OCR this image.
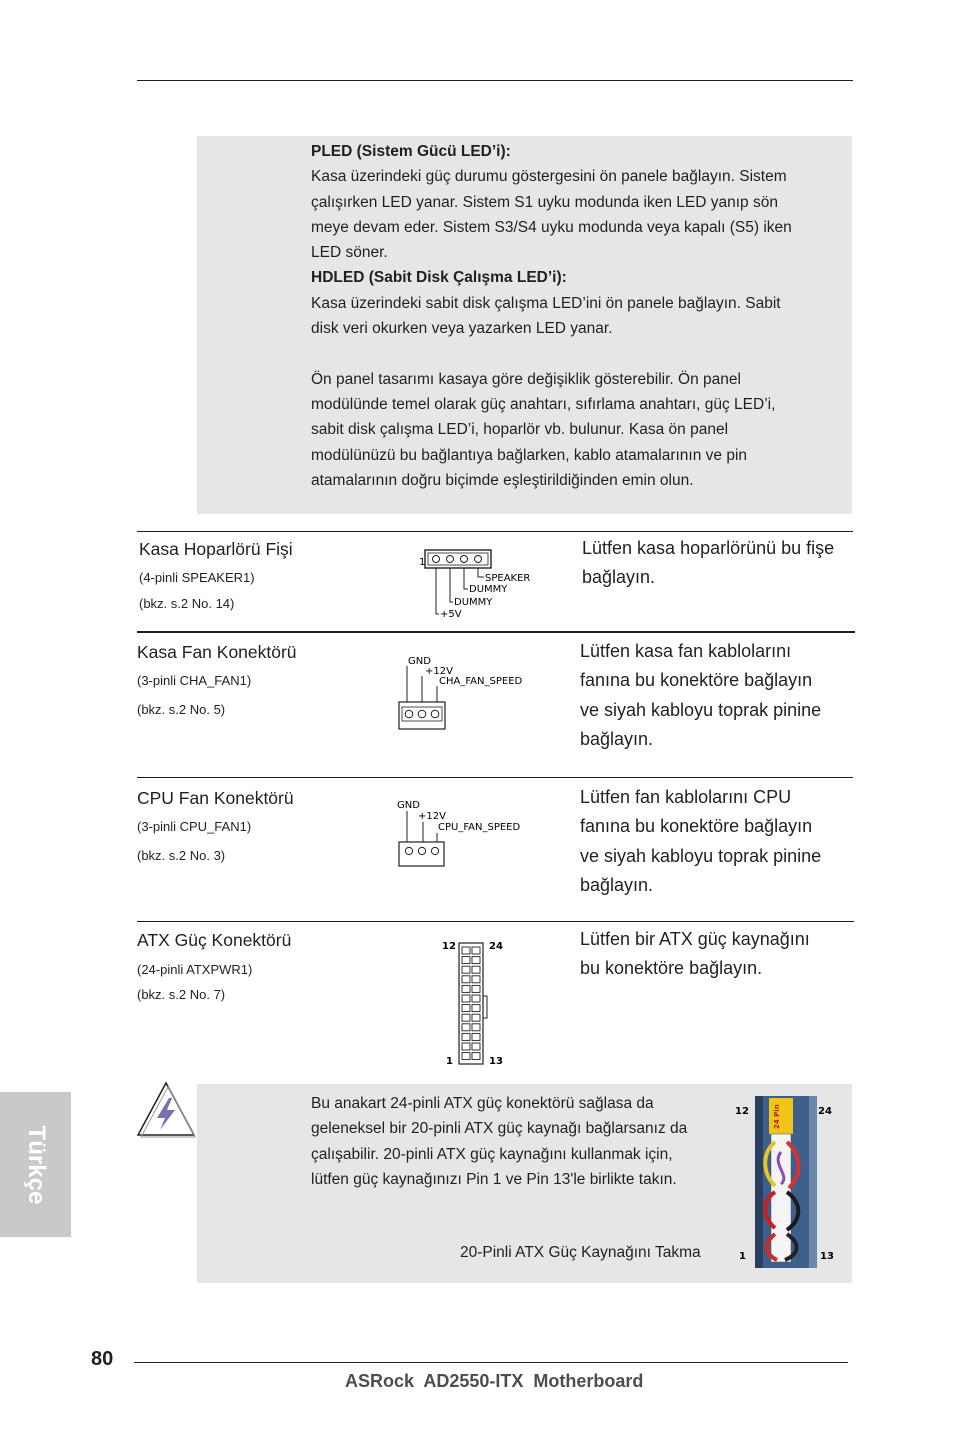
PLED (Sistem Gücü LED’i):
Kasa üzerindeki güç durumu göstergesini ön panele bağlayın. Sistem
çalışırken LED yanar. Sistem S1 uyku modunda iken LED yanıp sön
meye devam eder. Sistem S3/S4 uyku modunda veya kapalı (S5) iken
LED söner.
HDLED (Sabit Disk Çalışma LED’i):
Kasa üzerindeki sabit disk çalışma LED’ini ön panele bağlayın. Sabit
disk veri okurken veya yazarken LED yanar.
Ön panel tasarımı kasaya göre değişiklik gösterebilir. Ön panel
modülünde temel olarak güç anahtarı, sıfırlama anahtarı, güç LED’i,
sabit disk çalışma LED’i, hoparlör vb. bulunur. Kasa ön panel
modülünüzü bu bağlantıya bağlarken, kablo atamalarının ve pin
atamalarının doğru biçimde eşleştirildiğinden emin olun.
Kasa Hoparlörü Fişi
(4-pinli SPEAKER1)
(bkz. s.2 No. 14)
Lütfen kasa hoparlörünü bu fişe
bağlayın.
1
SPEAKER
DUMMY
DUMMY
+5V
Kasa Fan Konektörü
(3-pinli CHA_FAN1)
(bkz. s.2 No. 5)
Lütfen kasa fan kablolarını
fanına bu konektöre bağlayın
ve siyah kabloyu toprak pinine
bağlayın.
GND
+12V
CHA_FAN_SPEED
CPU Fan Konektörü
(3-pinli CPU_FAN1)
(bkz. s.2 No. 3)
Lütfen fan kablolarını CPU
fanına bu konektöre bağlayın
ve siyah kabloyu toprak pinine
bağlayın.
GND
+12V
CPU_FAN_SPEED
ATX Güç Konektörü
(24-pinli ATXPWR1)
(bkz. s.2 No. 7)
Lütfen bir ATX güç kaynağını
bu konektöre bağlayın.
12	24
1	13
Bu anakart 24-pinli ATX güç konektörü sağlasa da
geleneksel bir 20-pinli ATX güç kaynağı bağlarsanız da
çalışabilir. 20-pinli ATX güç kaynağını kullanmak için,
lütfen güç kaynağınızı Pin 1 ve Pin 13'le birlikte takın.
20-Pinli ATX Güç Kaynağını Takma
12	24
24 Pin
1	13
Türkçe
80
ASRock  AD2550-ITX  Motherboard
